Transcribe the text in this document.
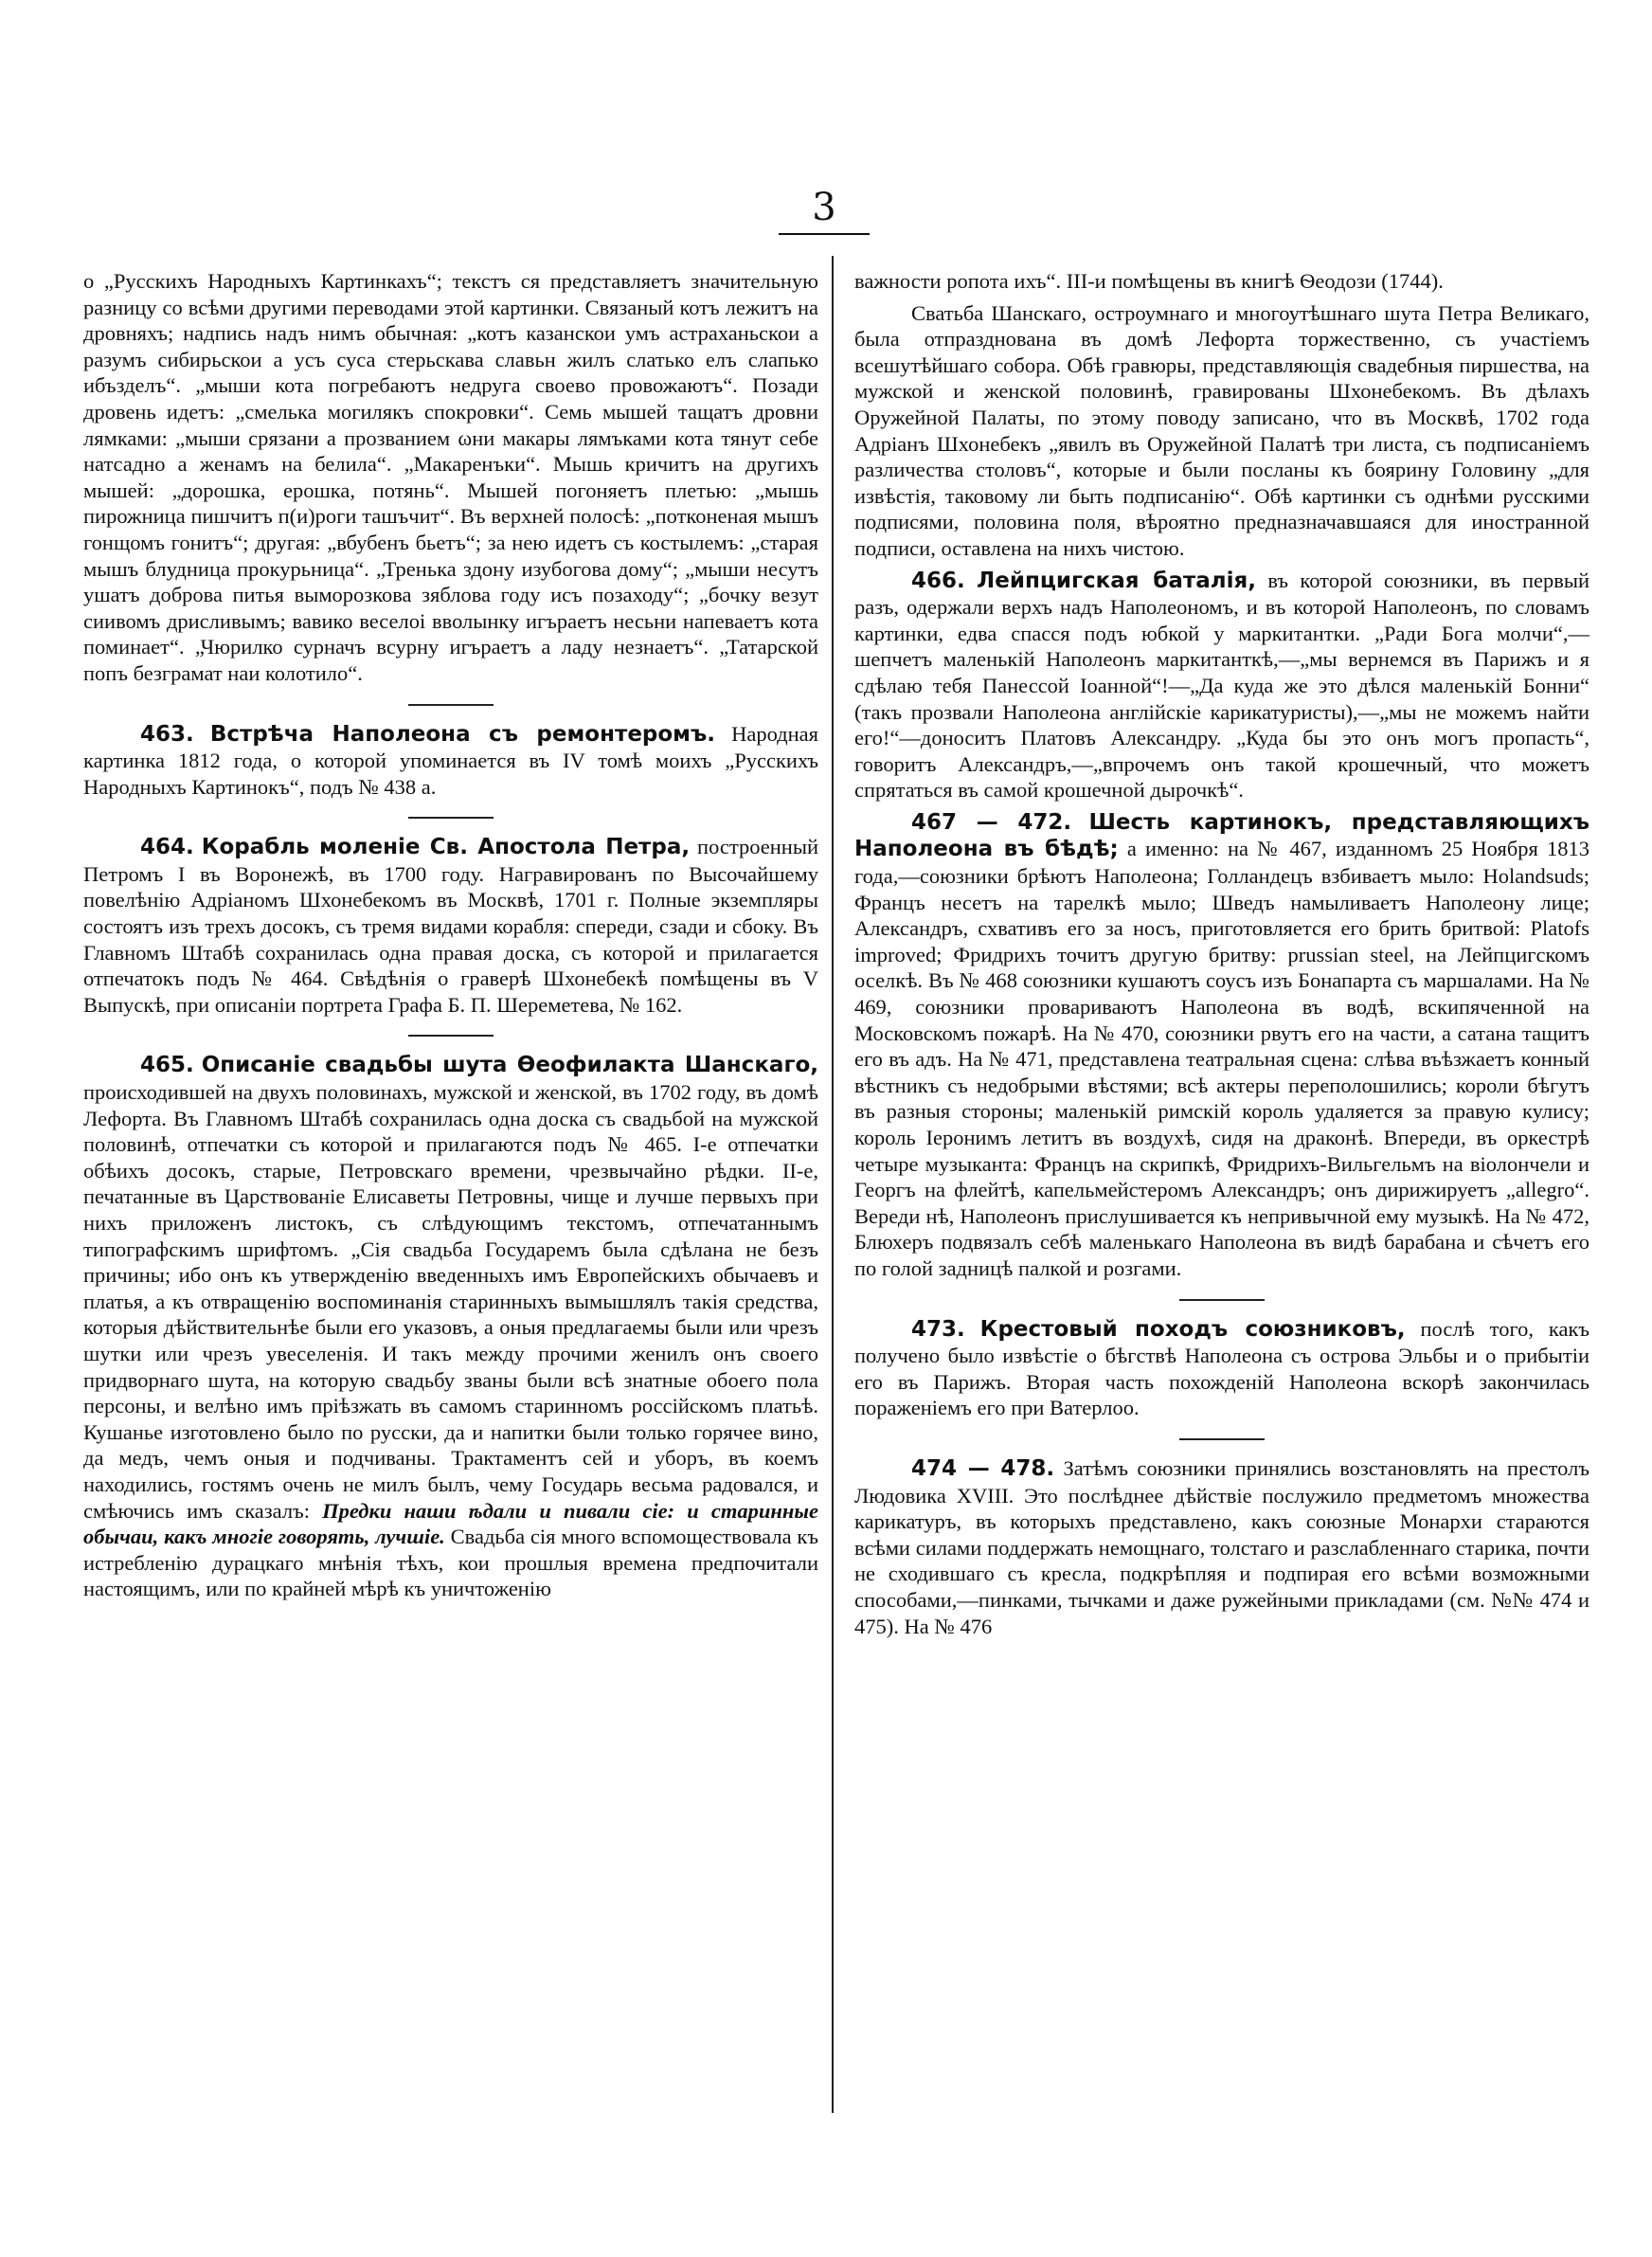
3

о „Русскихъ Народныхъ Картинкахъ“; текстъ ся представляетъ значительную разницу со всѣми другими переводами этой картинки. Связаный котъ лежитъ на дровняхъ; надпись надъ нимъ обычная: „котъ казанскои умъ астраханьскои а разумъ сибирьскои а усъ суса стерьскава славьн жилъ слатько елъ слапько ибъзделъ“. „мыши кота погребаютъ недруга своево провожаютъ“. Позади дровень идетъ: „смелька могилякъ спокровки“. Семь мышей тащатъ дровни лямками: „мыши срязани а прозванием ωни макары лямъками кота тянут себе натсадно а женамъ на белила“. „Макаренъки“. Мышь кричитъ на другихъ мышей: „дорошка, ерошка, потянь“. Мышей погоняетъ плетью: „мышь пирожница пишчитъ п(и)роги ташъчит“. Въ верхней полосѣ: „потконеная мышъ гонщомъ гонитъ“; другая: „вбубенъ бьетъ“; за нею идетъ съ костылемъ: „старая мышъ блудница прокурьница“. „Тренька здону изубогова дому“; „мыши несутъ ушатъ доброва питья выморозкова зяблова году исъ позаходу“; „бочку везут сиивомъ дрисливымъ; вавико веселоі вволынку игъраетъ несьни напеваетъ кота поминает“. „Чюрилко сурначъ всурну игъраетъ а ладу незнаетъ“. „Татарской попъ безграмат нaи колотило“.

463. Встрѣча Наполеона съ ремонтеромъ. Народная картинка 1812 года, о которой упоминается въ IV томѣ моихъ „Русскихъ Народныхъ Картинокъ“, подъ № 438 а.

464. Корабль моленіе Св. Апостола Петра, построенный Петромъ I въ Воронежѣ, въ 1700 году. Награвированъ по Высочайшему повелѣнію Адріаномъ Шхонебекомъ въ Москвѣ, 1701 г. Полные экземпляры состоятъ изъ трехъ досокъ, съ тремя видами корабля: спереди, сзади и сбоку. Въ Главномъ Штабѣ сохранилась одна правая доска, съ которой и прилагается отпечатокъ подъ № 464. Свѣдѣнія о граверѣ Шхонебекѣ помѣщены въ V Выпускѣ, при описаніи портрета Графа Б. П. Шереметева, № 162.

465. Описаніе свадьбы шута Ѳеофилакта Шанскаго, происходившей на двухъ половинахъ, мужской и женской, въ 1702 году, въ домѣ Лефорта. Въ Главномъ Штабѣ сохранилась одна доска съ свадьбой на мужской половинѣ, отпечатки съ которой и прилагаются подъ № 465. І-е отпечатки обѣихъ досокъ, старые, Петровскаго времени, чрезвычайно рѣдки. II-е, печатанные въ Царствованіе Елисаветы Петровны, чище и лучше первыхъ при нихъ приложенъ листокъ, съ слѣдующимъ текстомъ, отпечатаннымъ типографскимъ шрифтомъ. „Сія свадьба Государемъ была сдѣлана не безъ причины; ибо онъ къ утвержденію введенныхъ имъ Европейскихъ обычаевъ и платья, а къ отвращенію воспоминанія старинныхъ вымышлялъ такія средства, которыя дѣйствительнѣе были его указовъ, а оныя предлагаемы были или чрезъ шутки или чрезъ увеселенія. И такъ между прочими женилъ онъ своего придворнаго шута, на которую свадьбу званы были всѣ знатные обоего пола персоны, и велѣно имъ пріѣзжать въ самомъ старинномъ россійскомъ платьѣ. Кушанье изготовлено было по русски, да и напитки были только горячее вино, да медъ, чемъ оныя и подчиваны. Трактаментъ сей и уборъ, въ коемъ находились, гостямъ очень не милъ былъ, чему Государь весьма радовался, и смѣючись имъ сказалъ: Предки наши ѣдали и пивали сіе: и старинные обычаи, какъ многіе говорять, лучшіе. Свадьба сія много вспомоществовала къ истребленію дурацкаго мнѣнія тѣхъ, кои прошлыя времена предпочитали настоящимъ, или по крайней мѣрѣ къ уничтоженію

важности ропота ихъ“. III-и помѣщены въ книгѣ Ѳеодози (1744).

Сватьба Шанскаго, остроумнаго и многоутѣшнаго шута Петра Великаго, была отпразднована въ домѣ Лефорта торжественно, съ участіемъ всешутѣйшаго собора. Обѣ гравюры, представляющія свадебныя пиршества, на мужской и женской половинѣ, гравированы Шхонебекомъ. Въ дѣлахъ Оружейной Палаты, по этому поводу записано, что въ Москвѣ, 1702 года Адріанъ Шхонебекъ „явилъ въ Оружейной Палатѣ три листа, съ подписаніемъ различества столовъ“, которые и были посланы къ боярину Головину „для извѣстія, таковому ли быть подписанію“. Обѣ картинки съ однѣми русскими подписями, половина поля, вѣроятно предназначавшаяся для иностранной подписи, оставлена на нихъ чистою.

466. Лейпцигская баталія, въ которой союзники, въ первый разъ, одержали верхъ надъ Наполеономъ, и въ которой Наполеонъ, по словамъ картинки, едва спасся подъ юбкой у маркитантки. „Ради Бога молчи“,— шепчетъ маленькій Наполеонъ маркитанткѣ,—„мы вернемся въ Парижъ и я сдѣлаю тебя Панессой Іоанной“!—„Да куда же это дѣлся маленькій Бонни“ (такъ прозвали Наполеона англійскіе карикатуристы),—„мы не можемъ найти его!“—доноситъ Платовъ Александру. „Куда бы это онъ могъ пропасть“, говоритъ Александръ,—„впрочемъ онъ такой крошечный, что можетъ спрятаться въ самой крошечной дырочкѣ“.

467 — 472. Шесть картинокъ, представляющихъ Наполеона въ бѣдѣ; а именно: на № 467, изданномъ 25 Ноября 1813 года,—союзники брѣютъ Наполеона; Голландецъ взбиваетъ мыло: Holandsuds; Францъ несетъ на тарелкѣ мыло; Шведъ намыливаетъ Наполеону лице; Александръ, схвативъ его за носъ, приготовляется его брить бритвой: Platofs improved; Фридрихъ точитъ другую бритву: prussian steel, на Лейпцигскомъ оселкѣ. Въ № 468 союзники кушаютъ соусъ изъ Бонапарта съ маршалами. На № 469, союзники провариваютъ Наполеона въ водѣ, вскипяченной на Московскомъ пожарѣ. На № 470, союзники рвутъ его на части, а сатана тащитъ его въ адъ. На № 471, представлена театральная сцена: слѣва въѣзжаетъ конный вѣстникъ съ недобрыми вѣстями; всѣ актеры переполошились; короли бѣгутъ въ разныя стороны; маленькій римскій король удаляется за правую кулису; король Іеронимъ летитъ въ воздухѣ, сидя на драконѣ. Впереди, въ оркестрѣ четыре музыканта: Францъ на скрипкѣ, Фридрихъ-Вильгельмъ на віолончели и Георгъ на флейтѣ, капельмейстеромъ Александръ; онъ дирижируетъ „allegro“. Вереди нѣ, Наполеонъ прислушивается къ непривычной ему музыкѣ. На № 472, Блюхеръ подвязалъ себѣ маленькаго Наполеона въ видѣ барабана и сѣчетъ его по голой задницѣ палкой и розгами.

473. Крестовый походъ союзниковъ, послѣ того, какъ получено было извѣстіе о бѣгствѣ Наполеона съ острова Эльбы и о прибытіи его въ Парижъ. Вторая часть похожденій Наполеона вскорѣ закончилась пораженіемъ его при Ватерлоо.

474 — 478. Затѣмъ союзники принялись возстановлять на престолъ Людовика XVIII. Это послѣднее дѣйствіе послужило предметомъ множества карикатуръ, въ которыхъ представлено, какъ союзные Монархи стараются всѣми силами поддержать немощнаго, толстаго и разслабленнаго старика, почти не сходившаго съ кресла, подкрѣпляя и подпирая его всѣми возможными способами,—пинками, тычками и даже ружейными прикладами (см. №№ 474 и 475). На № 476
